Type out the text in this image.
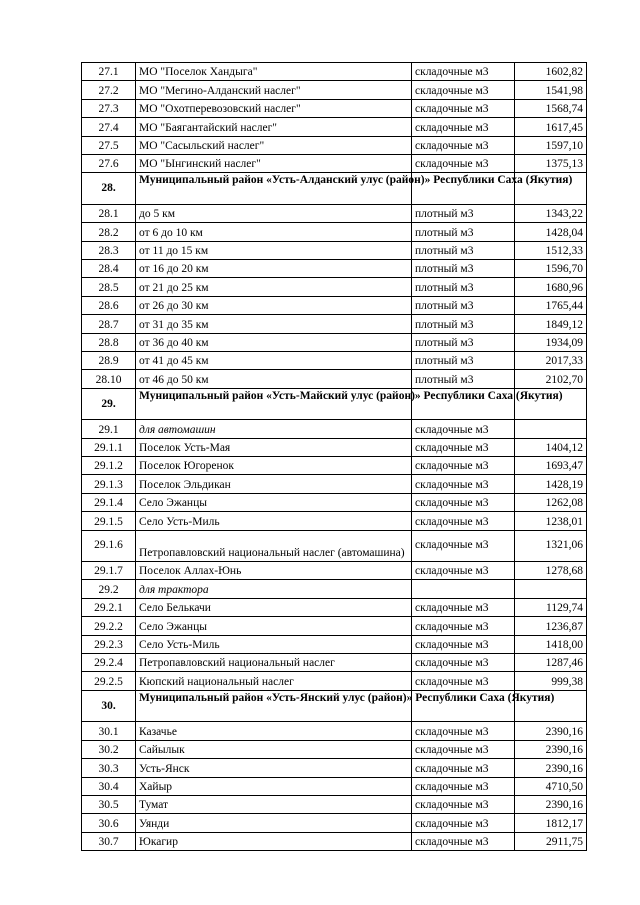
27.1	МО "Поселок Хандыга"	складочные м3	1602,82
27.2	МО "Мегино-Алданский наслег"	складочные м3	1541,98
27.3	МО "Охотперевозовский наслег"	складочные м3	1568,74
27.4	МО "Баягантайский наслег"	складочные м3	1617,45
27.5	МО "Сасыльский наслег"	складочные м3	1597,10
27.6	МО "Ынгинский наслег"	складочные м3	1375,13
28.	Муниципальный район «Усть-Алданский улус (район)» Республики Саха (Якутия)		
28.1	до 5 км	плотный м3	1343,22
28.2	от 6 до 10 км	плотный м3	1428,04
28.3	от 11 до 15 км	плотный м3	1512,33
28.4	от 16 до 20 км	плотный м3	1596,70
28.5	от 21 до 25 км	плотный м3	1680,96
28.6	от 26 до 30 км	плотный м3	1765,44
28.7	от 31 до 35 км	плотный м3	1849,12
28.8	от 36 до 40 км	плотный м3	1934,09
28.9	от 41 до 45 км	плотный м3	2017,33
28.10	от 46 до 50 км	плотный м3	2102,70
29.	Муниципальный район «Усть-Майский улус (район)» Республики Саха (Якутия)		
29.1	для автомашин	складочные м3	
29.1.1	Поселок Усть-Мая	складочные м3	1404,12
29.1.2	Поселок Югоренок	складочные м3	1693,47
29.1.3	Поселок Эльдикан	складочные м3	1428,19
29.1.4	Село Эжанцы	складочные м3	1262,08
29.1.5	Село Усть-Миль	складочные м3	1238,01
29.1.6	Петропавловский национальный наслег (автомашина)	складочные м3	1321,06
29.1.7	Поселок Аллах-Юнь	складочные м3	1278,68
29.2	для трактора		
29.2.1	Село Белькачи	складочные м3	1129,74
29.2.2	Село Эжанцы	складочные м3	1236,87
29.2.3	Село Усть-Миль	складочные м3	1418,00
29.2.4	Петропавловский национальный наслег	складочные м3	1287,46
29.2.5	Кюпский национальный наслег	складочные м3	999,38
30.	Муниципальный район «Усть-Янский улус (район)» Республики Саха (Якутия)		
30.1	Казачье	складочные м3	2390,16
30.2	Сайылык	складочные м3	2390,16
30.3	Усть-Янск	складочные м3	2390,16
30.4	Хайыр	складочные м3	4710,50
30.5	Тумат	складочные м3	2390,16
30.6	Уянди	складочные м3	1812,17
30.7	Юкагир	складочные м3	2911,75
